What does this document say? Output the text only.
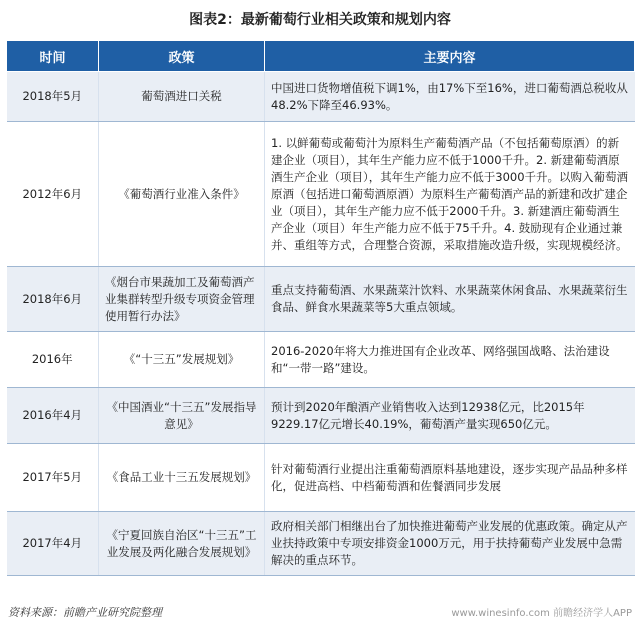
图表2：最新葡萄行业相关政策和规划内容
时间	政策	主要内容
2018年5月	葡萄酒进口关税	中国进口货物增值税下调1%，由17%下至16%，进口葡萄酒总税收从48.2%下降至46.93%。
2012年6月	《葡萄酒行业准入条件》	1. 以鲜葡萄或葡萄汁为原料生产葡萄酒产品（不包括葡萄原酒）的新建企业（项目），其年生产能力应不低于1000千升。2. 新建葡萄酒原酒生产企业（项目），其年生产能力应不低于3000千升。以购入葡萄酒原酒（包括进口葡萄酒原酒）为原料生产葡萄酒产品的新建和改扩建企业（项目），其年生产能力应不低于2000千升。3. 新建酒庄葡萄酒生产企业（项目）年生产能力应不低于75千升。4. 鼓励现有企业通过兼并、重组等方式，合理整合资源，采取措施改造升级，实现规模经济。
2018年6月	《烟台市果蔬加工及葡萄酒产业集群转型升级专项资金管理使用暂行办法》	重点支持葡萄酒、水果蔬菜汁饮料、水果蔬菜休闲食品、水果蔬菜衍生食品、鲜食水果蔬菜等5大重点领域。
2016年	《“十三五”发展规划》	2016-2020年将大力推进国有企业改革、网络强国战略、法治建设和“一带一路”建设。
2016年4月	《中国酒业“十三五”发展指导意见》	预计到2020年酿酒产业销售收入达到12938亿元，比2015年9229.17亿元增长40.19%，葡萄酒产量实现650亿元。
2017年5月	《食品工业十三五发展规划》	针对葡萄酒行业提出注重葡萄酒原料基地建设，逐步实现产品品种多样化，促进高档、中档葡萄酒和佐餐酒同步发展
2017年4月	《宁夏回族自治区“十三五”工业发展及两化融合发展规划》	政府相关部门相继出台了加快推进葡萄产业发展的优惠政策。确定从产业扶持政策中专项安排资金1000万元，用于扶持葡萄产业发展中急需解决的重点环节。
资料来源：前瞻产业研究院整理	www.winesinfo.com 前瞻经济学人APP
